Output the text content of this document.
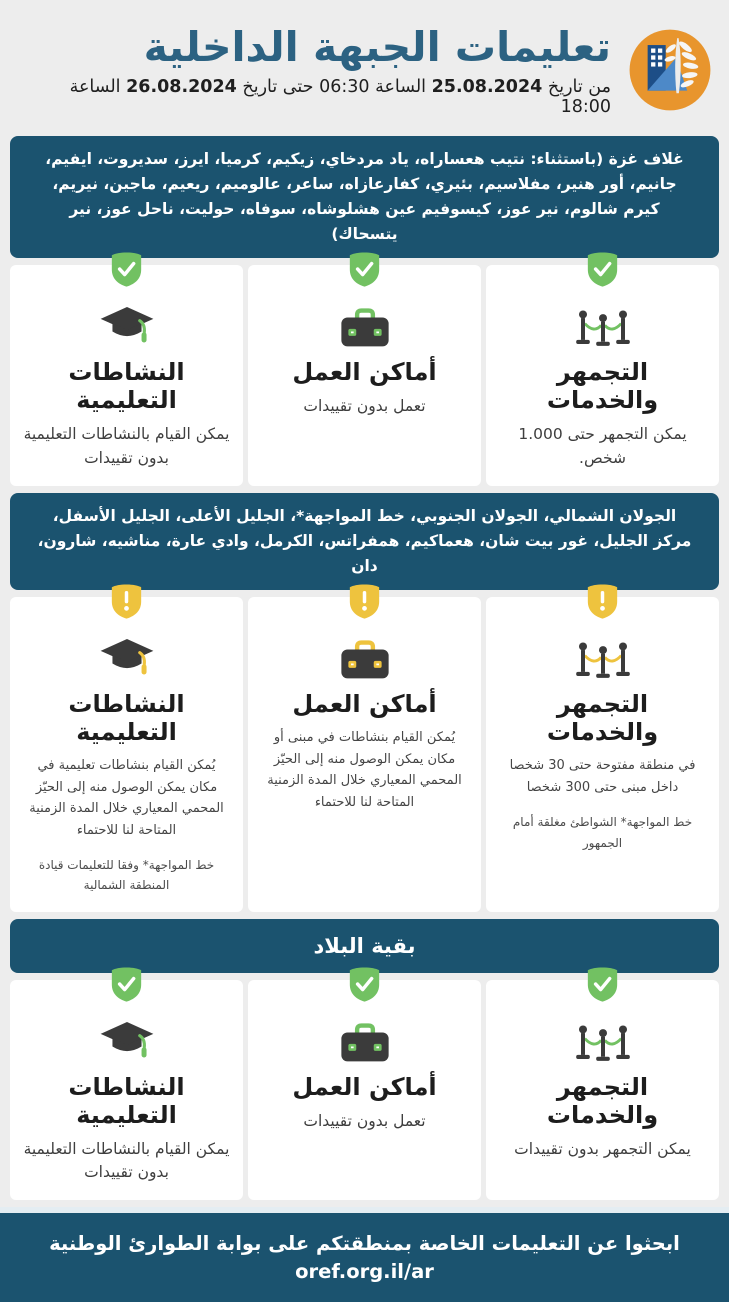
تعليمات الجبهة الداخلية
من تاريخ 25.08.2024 الساعة 06:30 حتى تاريخ 26.08.2024 الساعة 18:00
غلاف غزة (باستثناء: نتيب هعساراه، ياد مردخاي، زيكيم، كرميا، ايرز، سديروت، ايفيم، جانيم، أور هنير، مفلاسيم، بئيري، كفارعازاه، ساعر، عالوميم، ريعيم، ماجين، نيريم، كيرم شالوم، نير عوز، كيسوفيم عين هشلوشاه، سوفاه، حوليت، ناحل عوز، نير يتسحاك)
التجمهر والخدمات

يمكن التجمهر حتى 1.000 شخص.

أماكن العمل

تعمل بدون تقييدات

النشاطات التعليمية

يمكن القيام بالنشاطات التعليمية بدون تقييدات

الجولان الشمالي، الجولان الجنوبي، خط المواجهة*، الجليل الأعلى، الجليل الأسفل، مركز الجليل، غور بيت شان، هعماكيم، همفراتس، الكرمل، وادي عارة، مناشيه، شارون، دان
التجمهر والخدمات

في منطقة مفتوحة حتى 30 شخصا داخل مبنى حتى 300 شخصا

خط المواجهة* الشواطئ مغلقة أمام الجمهور

أماكن العمل

يُمكن القيام بنشاطات في مبنى أو مكان يمكن الوصول منه إلى الحيّز المحمي المعياري خلال المدة الزمنية المتاحة لنا للاحتماء

النشاطات التعليمية

يُمكن القيام بنشاطات تعليمية في مكان يمكن الوصول منه إلى الحيّز المحمي المعياري خلال المدة الزمنية المتاحة لنا للاحتماء

خط المواجهة* وفقا للتعليمات قيادة المنطقة الشمالية

بقية البلاد
التجمهر والخدمات

يمكن التجمهر بدون تقييدات

أماكن العمل

تعمل بدون تقييدات

النشاطات التعليمية

يمكن القيام بالنشاطات التعليمية بدون تقييدات

ابحثوا عن التعليمات الخاصة بمنطقتكم على بوابة الطوارئ الوطنية oref.org.il/ar
